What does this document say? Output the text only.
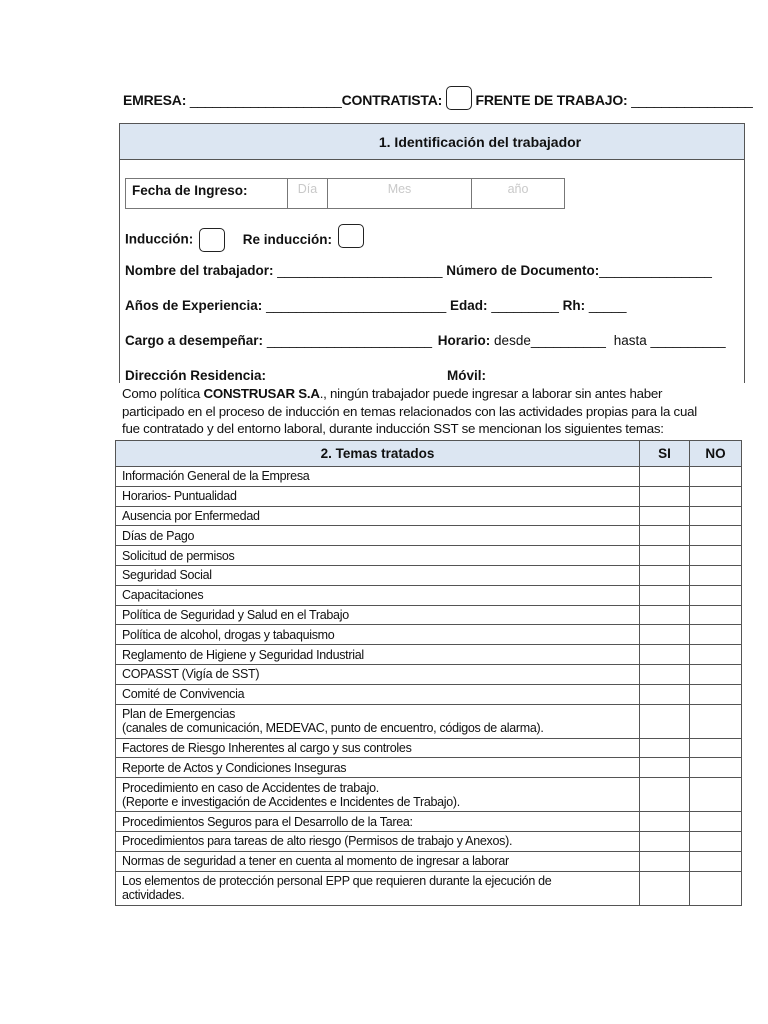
EMRESA: ____________________CONTRATISTA: FRENTE DE TRABAJO: ________________
1. Identificación del trabajador
Fecha de Ingreso:	Día	Mes	año
Inducción:	Re inducción:
Nombre del trabajador: ______________________ Número de Documento:_______________
Años de Experiencia: ________________________ Edad: _________ Rh: _____
Cargo a desempeñar: ______________________ Horario: desde__________ hasta __________
Dirección Residencia:	Móvil:
Como política CONSTRUSAR S.A., ningún trabajador puede ingresar a laborar sin antes haber
participado en el proceso de inducción en temas relacionados con las actividades propias para la cual
fue contratado y del entorno laboral, durante inducción SST se mencionan los siguientes temas:
2. Temas tratados	SI	NO

Información General de la Empresa		

Horarios- Puntualidad		

Ausencia por Enfermedad		

Días de Pago		

Solicitud de permisos		

Seguridad Social		

Capacitaciones		

Política de Seguridad y Salud en el Trabajo		

Política de alcohol, drogas y tabaquismo		

Reglamento de Higiene y Seguridad Industrial		

COPASST (Vigía de SST)		

Comité de Convivencia		

Plan de Emergencias
(canales de comunicación, MEDEVAC, punto de encuentro, códigos de alarma).		

Factores de Riesgo Inherentes al cargo y sus controles		

Reporte de Actos y Condiciones Inseguras		

Procedimiento en caso de Accidentes de trabajo.
(Reporte e investigación de Accidentes e Incidentes de Trabajo).		

Procedimientos Seguros para el Desarrollo de la Tarea:		

Procedimientos para tareas de alto riesgo (Permisos de trabajo y Anexos).		

Normas de seguridad a tener en cuenta al momento de ingresar a laborar		

Los elementos de protección personal EPP que requieren durante la ejecución de
actividades.		
